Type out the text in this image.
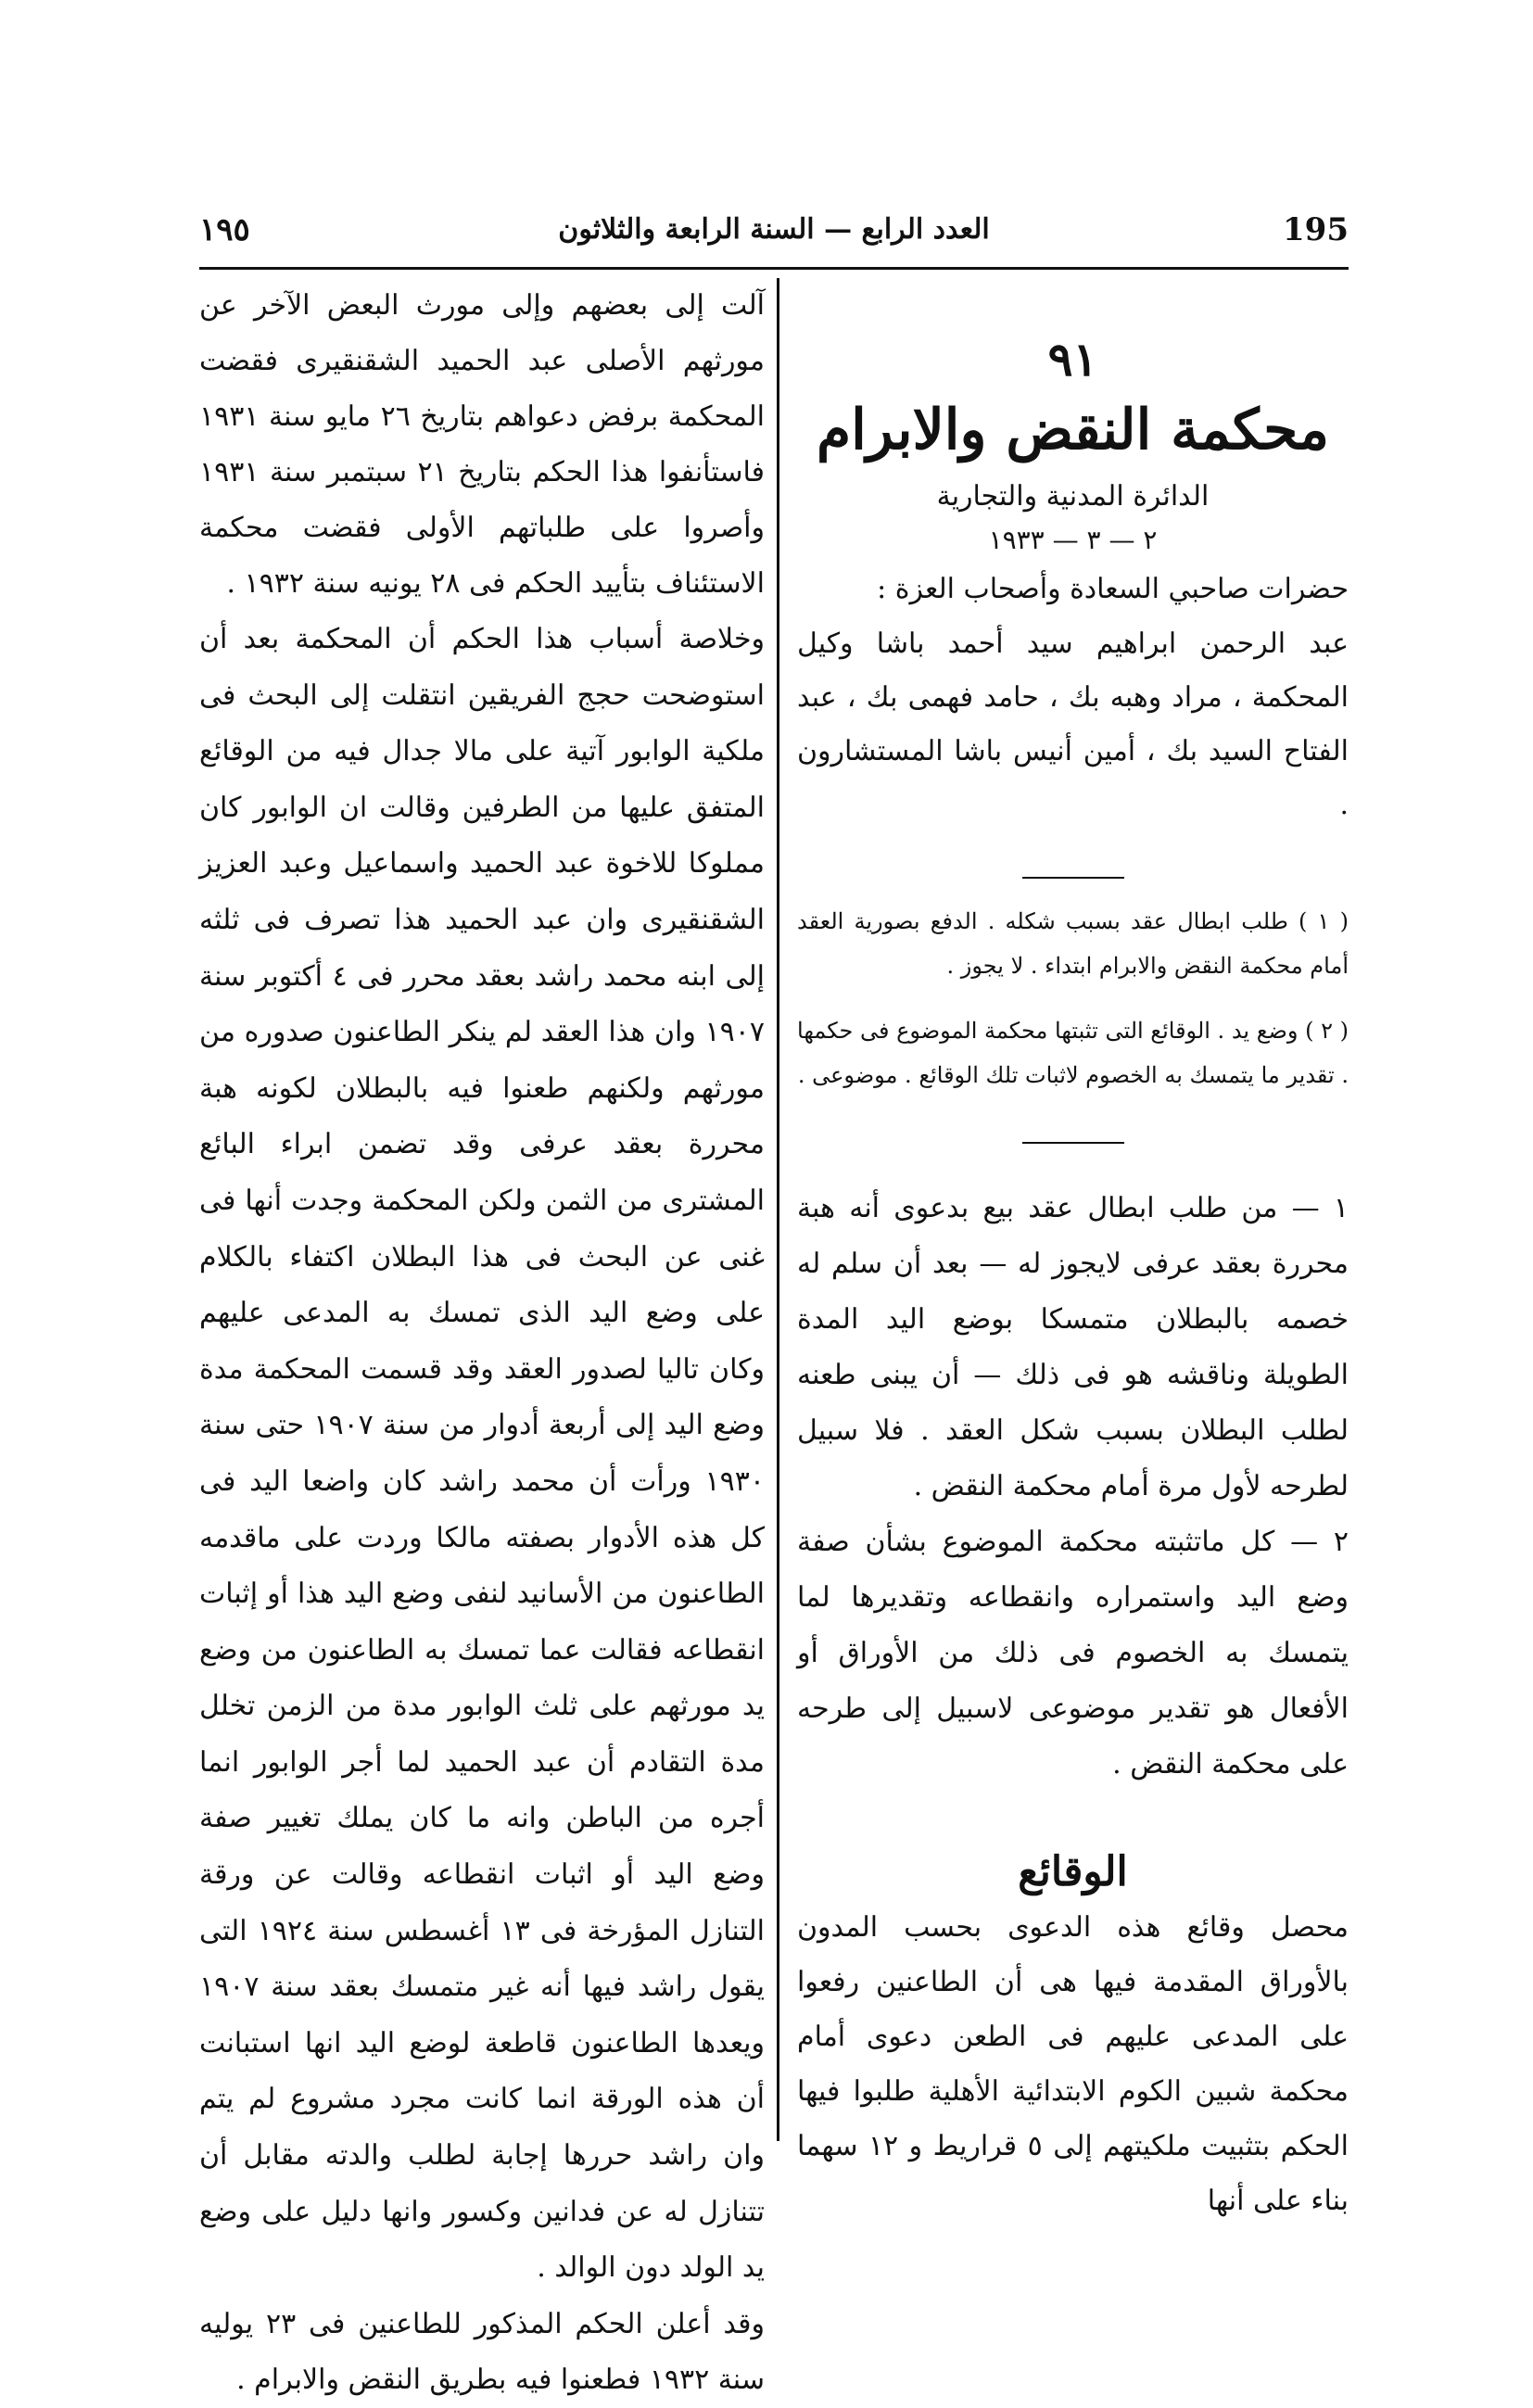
١٩٥	العدد الرابع — السنة الرابعة والثلاثون	195
٩١
محكمة النقض والابرام
الدائرة المدنية والتجارية
٢ — ٣ — ١٩٣٣

حضرات صاحبي السعادة وأصحاب العزة :

عبد الرحمن ابراهيم سيد أحمد باشا وكيل المحكمة ، مراد وهبه بك ، حامد فهمى بك ، عبد الفتاح السيد بك ، أمين أنيس باشا المستشارون .

( ١ ) طلب ابطال عقد بسبب شكله . الدفع بصورية العقد أمام محكمة النقض والابرام ابتداء . لا يجوز .

( ٢ ) وضع يد . الوقائع التى تثبتها محكمة الموضوع فى حكمها . تقدير ما يتمسك به الخصوم لاثبات تلك الوقائع . موضوعى .

١ — من طلب ابطال عقد بيع بدعوى أنه هبة محررة بعقد عرفى لايجوز له — بعد أن سلم له خصمه بالبطلان متمسكا بوضع اليد المدة الطويلة وناقشه هو فى ذلك — أن يبنى طعنه لطلب البطلان بسبب شكل العقد . فلا سبيل لطرحه لأول مرة أمام محكمة النقض .

٢ — كل ماتثبته محكمة الموضوع بشأن صفة وضع اليد واستمراره وانقطاعه وتقديرها لما يتمسك به الخصوم فى ذلك من الأوراق أو الأفعال هو تقدير موضوعى لاسبيل إلى طرحه على محكمة النقض .

الوقائع

محصل وقائع هذه الدعوى بحسب المدون بالأوراق المقدمة فيها هى أن الطاعنين رفعوا على المدعى عليهم فى الطعن دعوى أمام محكمة شبين الكوم الابتدائية الأهلية طلبوا فيها الحكم بتثبيت ملكيتهم إلى ٥ قراريط و ١٢ سهما بناء على أنها

آلت إلى بعضهم وإلى مورث البعض الآخر عن مورثهم الأصلى عبد الحميد الشقنقيرى فقضت المحكمة برفض دعواهم بتاريخ ٢٦ مايو سنة ١٩٣١ فاستأنفوا هذا الحكم بتاريخ ٢١ سبتمبر سنة ١٩٣١ وأصروا على طلباتهم الأولى فقضت محكمة الاستئناف بتأييد الحكم فى ٢٨ يونيه سنة ١٩٣٢ .

وخلاصة أسباب هذا الحكم أن المحكمة بعد أن استوضحت حجج الفريقين انتقلت إلى البحث فى ملكية الوابور آتية على مالا جدال فيه من الوقائع المتفق عليها من الطرفين وقالت ان الوابور كان مملوكا للاخوة عبد الحميد واسماعيل وعبد العزيز الشقنقيرى وان عبد الحميد هذا تصرف فى ثلثه إلى ابنه محمد راشد بعقد محرر فى ٤ أكتوبر سنة ١٩٠٧ وان هذا العقد لم ينكر الطاعنون صدوره من مورثهم ولكنهم طعنوا فيه بالبطلان لكونه هبة محررة بعقد عرفى وقد تضمن ابراء البائع المشترى من الثمن ولكن المحكمة وجدت أنها فى غنى عن البحث فى هذا البطلان اكتفاء بالكلام على وضع اليد الذى تمسك به المدعى عليهم وكان تاليا لصدور العقد وقد قسمت المحكمة مدة وضع اليد إلى أربعة أدوار من سنة ١٩٠٧ حتى سنة ١٩٣٠ ورأت أن محمد راشد كان واضعا اليد فى كل هذه الأدوار بصفته مالكا وردت على ماقدمه الطاعنون من الأسانيد لنفى وضع اليد هذا أو إثبات انقطاعه فقالت عما تمسك به الطاعنون من وضع يد مورثهم على ثلث الوابور مدة من الزمن تخلل مدة التقادم أن عبد الحميد لما أجر الوابور انما أجره من الباطن وانه ما كان يملك تغيير صفة وضع اليد أو اثبات انقطاعه وقالت عن ورقة التنازل المؤرخة فى ١٣ أغسطس سنة ١٩٢٤ التى يقول راشد فيها أنه غير متمسك بعقد سنة ١٩٠٧ ويعدها الطاعنون قاطعة لوضع اليد انها استبانت أن هذه الورقة انما كانت مجرد مشروع لم يتم وان راشد حررها إجابة لطلب والدته مقابل أن تتنازل له عن فدانين وكسور وانها دليل على وضع يد الولد دون الوالد .

وقد أعلن الحكم المذكور للطاعنين فى ٢٣ يوليه سنة ١٩٣٢ فطعنوا فيه بطريق النقض والابرام .
